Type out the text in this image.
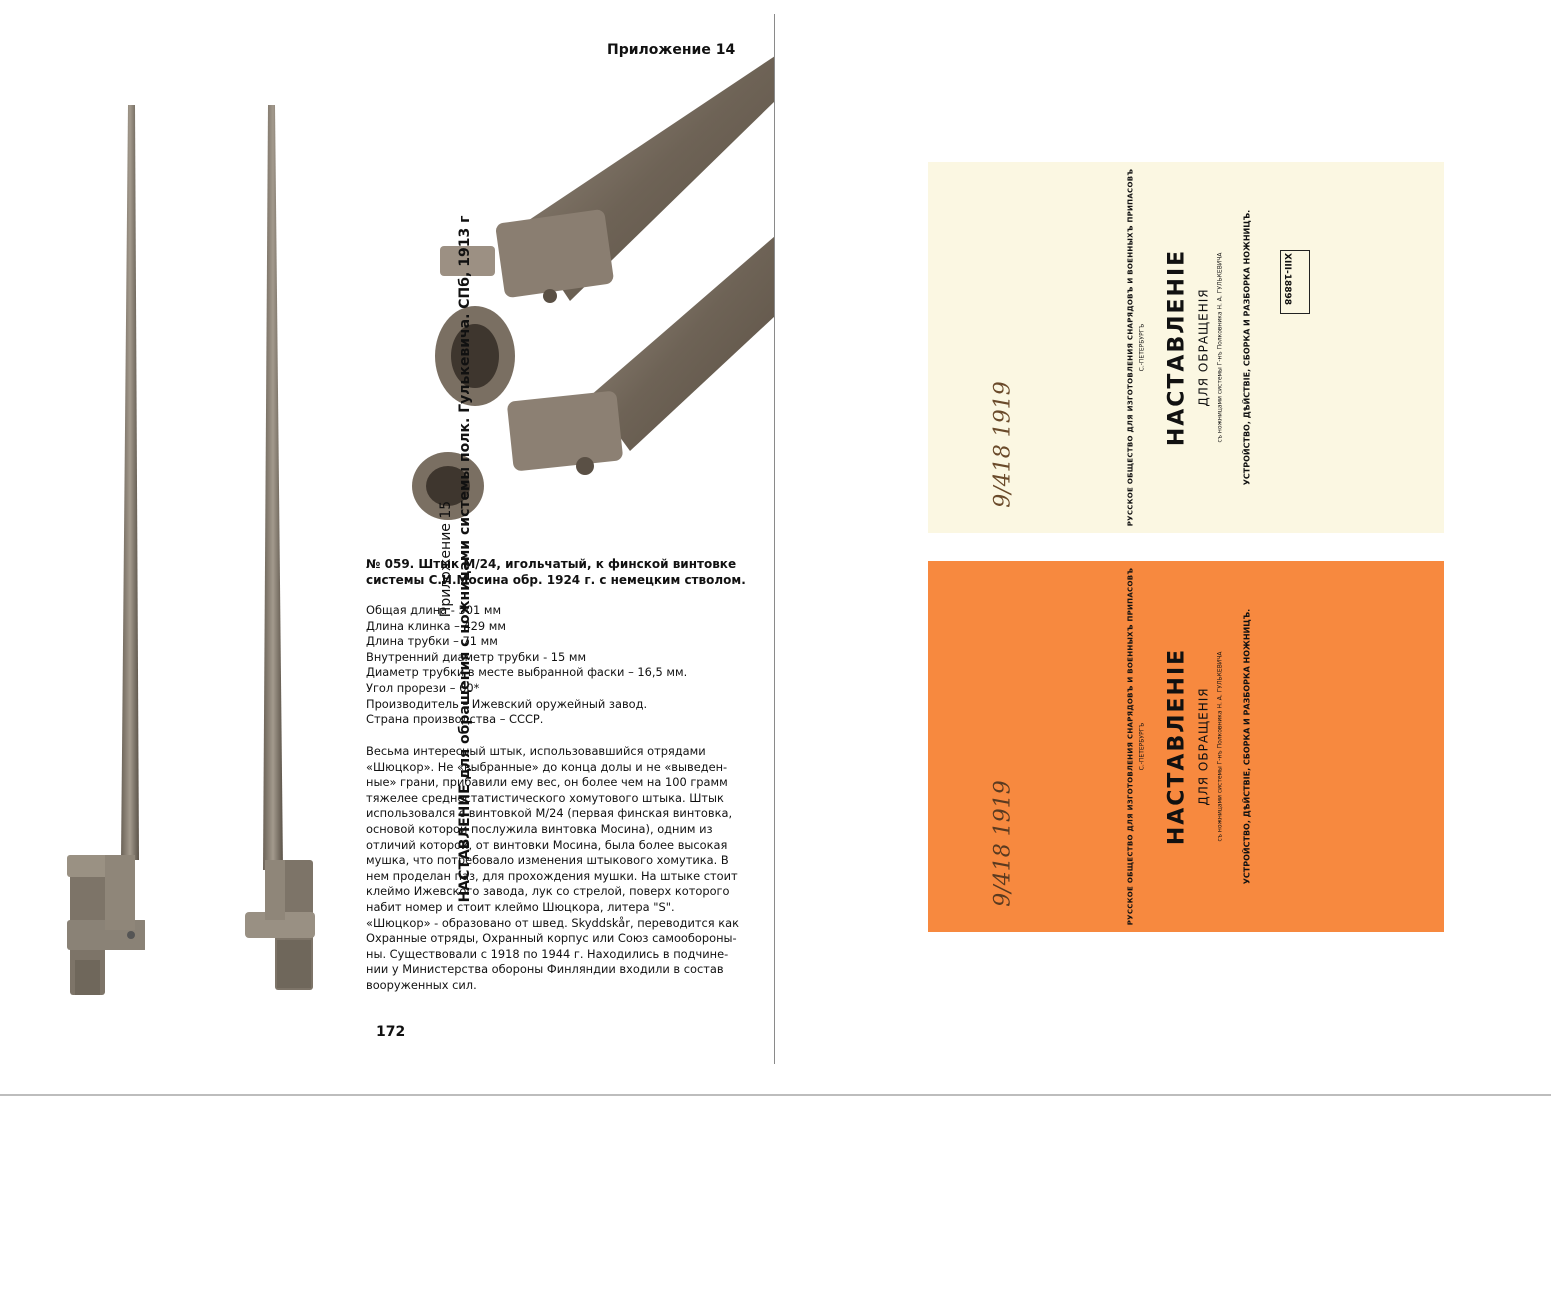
Приложение 14
№ 059. Штык М/24, игольчатый, к финской винтовке
системы С.И.Мосина обр. 1924 г. с немецким стволом.
Общая длина - 501 мм
Длина клинка – 429 мм
Длина трубки – 71 мм
Внутренний диаметр трубки - 15 мм
Диаметр трубки в месте выбранной фаски – 16,5 мм.
Угол прорези – 60*
Производитель – Ижевский оружейный завод.
Страна производства – СССР.
Весьма интересный штык, использовавшийся отрядами
«Шюцкор». Не «выбранные» до конца долы и не «выведен-
ные» грани, прибавили ему вес, он более чем на 100 грамм
тяжелее среднестатистического хомутового штыка. Штык
использовался с винтовкой М/24 (первая финская винтовка,
основой которой послужила винтовка Мосина), одним из
отличий которой, от винтовки Мосина, была более высокая
мушка, что потребовало изменения штыкового хомутика. В
нем проделан паз, для прохождения мушки. На штыке стоит
клеймо Ижевского завода, лук со стрелой, поверх которого
набит номер и стоит клеймо Шюцкора, литера "S".
«Шюцкор» - образовано от швед. Skyddskår, переводится как
Охранные отряды, Охранный корпус или Союз самообороны-
ны. Существовали с 1918 по 1944 г. Находились в подчине-
нии у Министерства обороны Финляндии входили в состав
вооруженных сил.
172
Приложение 15 НАСТАВЛЕНИЕ для обращения с ножницами системы полк. Гулькевича. СПб, 1913 г	РУССКОЕ ОБЩЕСТВО ДЛЯ ИЗГОТОВЛЕНИЯ СНАРЯДОВЪ И ВОЕННЫХЪ ПРИПАСОВЪ С.-ПЕТЕРБУРГЪ НАСТАВЛЕНIЕ ДЛЯ ОБРАЩЕНIЯ съ ножницами системы Г-нъ Полковника Н. А. ГУЛЬКЕВИЧА УСТРОЙСТВО, ДѢЙСТВІЕ, СБОРКА И РАЗБОРКА НОЖНИЦЪ.	XIII-18898
9/418 1919
РУССКОЕ ОБЩЕСТВО ДЛЯ ИЗГОТОВЛЕНИЯ СНАРЯДОВЪ И ВОЕННЫХЪ ПРИПАСОВЪ С.-ПЕТЕРБУРГЪ НАСТАВЛЕНIЕ ДЛЯ ОБРАЩЕНIЯ съ ножницами системы Г-нъ Полковника Н. А. ГУЛЬКЕВИЧА УСТРОЙСТВО, ДѢЙСТВІЕ, СБОРКА И РАЗБОРКА НОЖНИЦЪ.
9/418 1919
